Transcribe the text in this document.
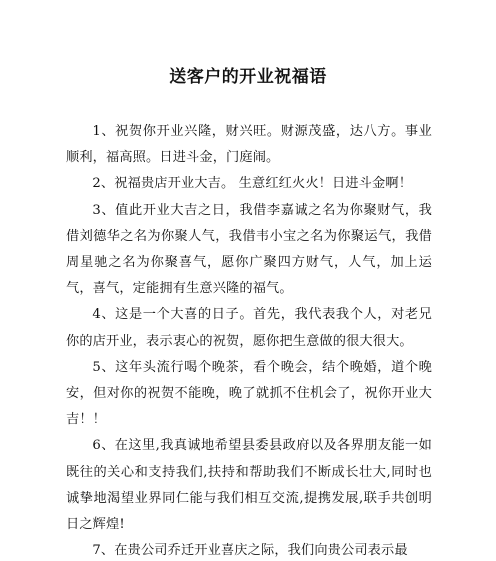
送客户的开业祝福语

1、祝贺你开业兴隆，财兴旺。财源茂盛，达八方。事业顺利，福高照。日进斗金，门庭闹。

2、祝福贵店开业大吉。 生意红红火火！日进斗金啊！

3、值此开业大吉之日，我借李嘉诚之名为你聚财气，我借刘德华之名为你聚人气，我借韦小宝之名为你聚运气，我借周星驰之名为你聚喜气，愿你广聚四方财气，人气，加上运气，喜气，定能拥有生意兴隆的福气。

4、这是一个大喜的日子。首先，我代表我个人，对老兄你的店开业，表示衷心的祝贺，愿你把生意做的很大很大。

5、这年头流行喝个晚茶，看个晚会，结个晚婚，道个晚安，但对你的祝贺不能晚，晚了就抓不住机会了，祝你开业大吉！！

6、在这里,我真诚地希望县委县政府以及各界朋友能一如既往的关心和支持我们,扶持和帮助我们不断成长壮大,同时也诚挚地渴望业界同仁能与我们相互交流,提携发展,联手共创明日之辉煌!

7、在贵公司乔迁开业喜庆之际，我们向贵公司表示最
